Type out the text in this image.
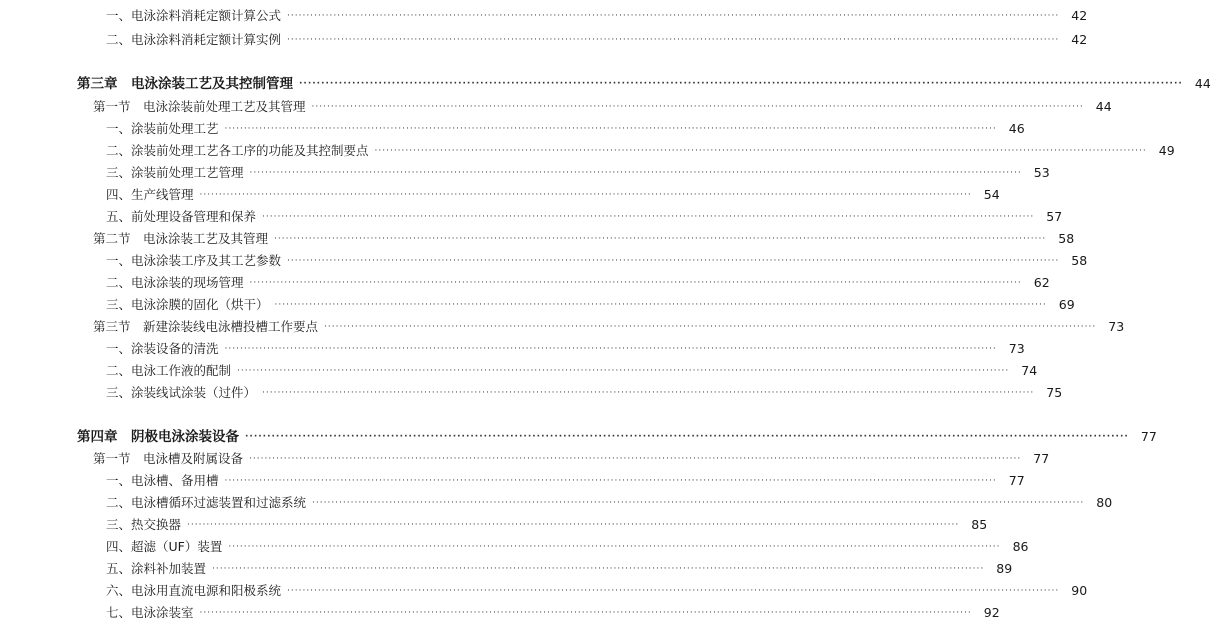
一、电泳涂料消耗定额计算公式 ········································································································································································································ 42
二、电泳涂料消耗定额计算实例 ········································································································································································································ 42
第三章　电泳涂装工艺及其控制管理 ········································································································································································································ 44
第一节　电泳涂装前处理工艺及其管理 ········································································································································································································ 44
一、涂装前处理工艺 ········································································································································································································ 46
二、涂装前处理工艺各工序的功能及其控制要点 ········································································································································································································ 49
三、涂装前处理工艺管理 ········································································································································································································ 53
四、生产线管理 ········································································································································································································ 54
五、前处理设备管理和保养 ········································································································································································································ 57
第二节　电泳涂装工艺及其管理 ········································································································································································································ 58
一、电泳涂装工序及其工艺参数 ········································································································································································································ 58
二、电泳涂装的现场管理 ········································································································································································································ 62
三、电泳涂膜的固化（烘干） ········································································································································································································ 69
第三节　新建涂装线电泳槽投槽工作要点 ········································································································································································································ 73
一、涂装设备的清洗 ········································································································································································································ 73
二、电泳工作液的配制 ········································································································································································································ 74
三、涂装线试涂装（过件） ········································································································································································································ 75
第四章　阴极电泳涂装设备 ········································································································································································································ 77
第一节　电泳槽及附属设备 ········································································································································································································ 77
一、电泳槽、备用槽 ········································································································································································································ 77
二、电泳槽循环过滤装置和过滤系统 ········································································································································································································ 80
三、热交换器 ········································································································································································································ 85
四、超滤（UF）装置 ········································································································································································································ 86
五、涂料补加装置 ········································································································································································································ 89
六、电泳用直流电源和阳极系统 ········································································································································································································ 90
七、电泳涂装室 ········································································································································································································ 92
